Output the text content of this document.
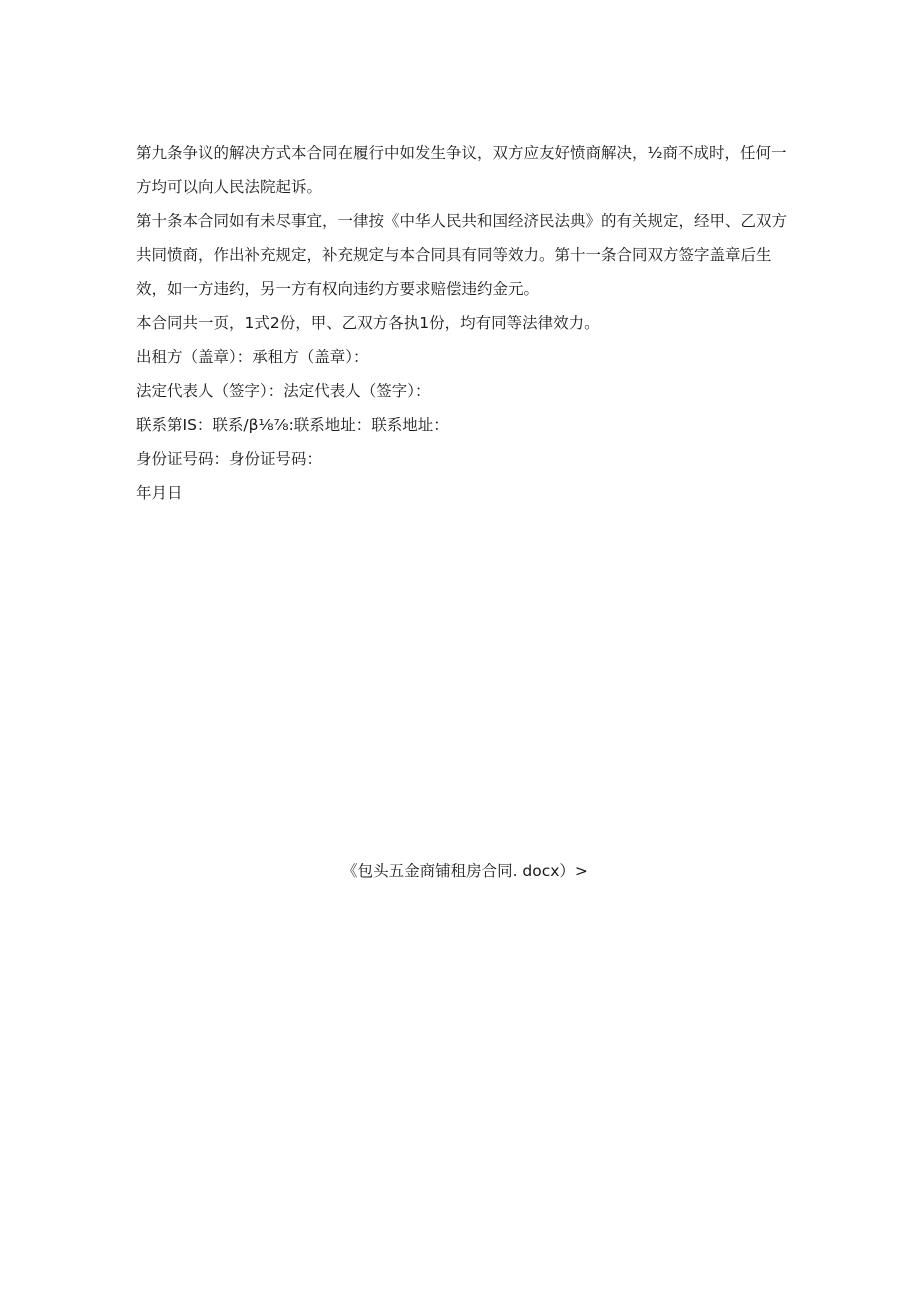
第九条争议的解决方式本合同在履行中如发生争议，双方应友好愤商解决，½商不成时，任何一方均可以向人民法院起诉。

第十条本合同如有未尽事宜，一律按《中华人民共和国经济民法典》的有关规定，经甲、乙双方共同愤商，作出补充规定，补充规定与本合同具有同等效力。第十一条合同双方签字盖章后生效，如一方违约，另一方有权向违约方要求赔偿违约金元。

本合同共一页，1式2份，甲、乙双方各执1份，均有同等法律效力。

出租方（盖章）：承租方（盖章）：

法定代表人（签字）：法定代表人（签字）：

联系第IS：联系/β⅛⅞:联系地址：联系地址：

身份证号码：身份证号码：

年月日

《包头五金商铺租房合同. docx）>
